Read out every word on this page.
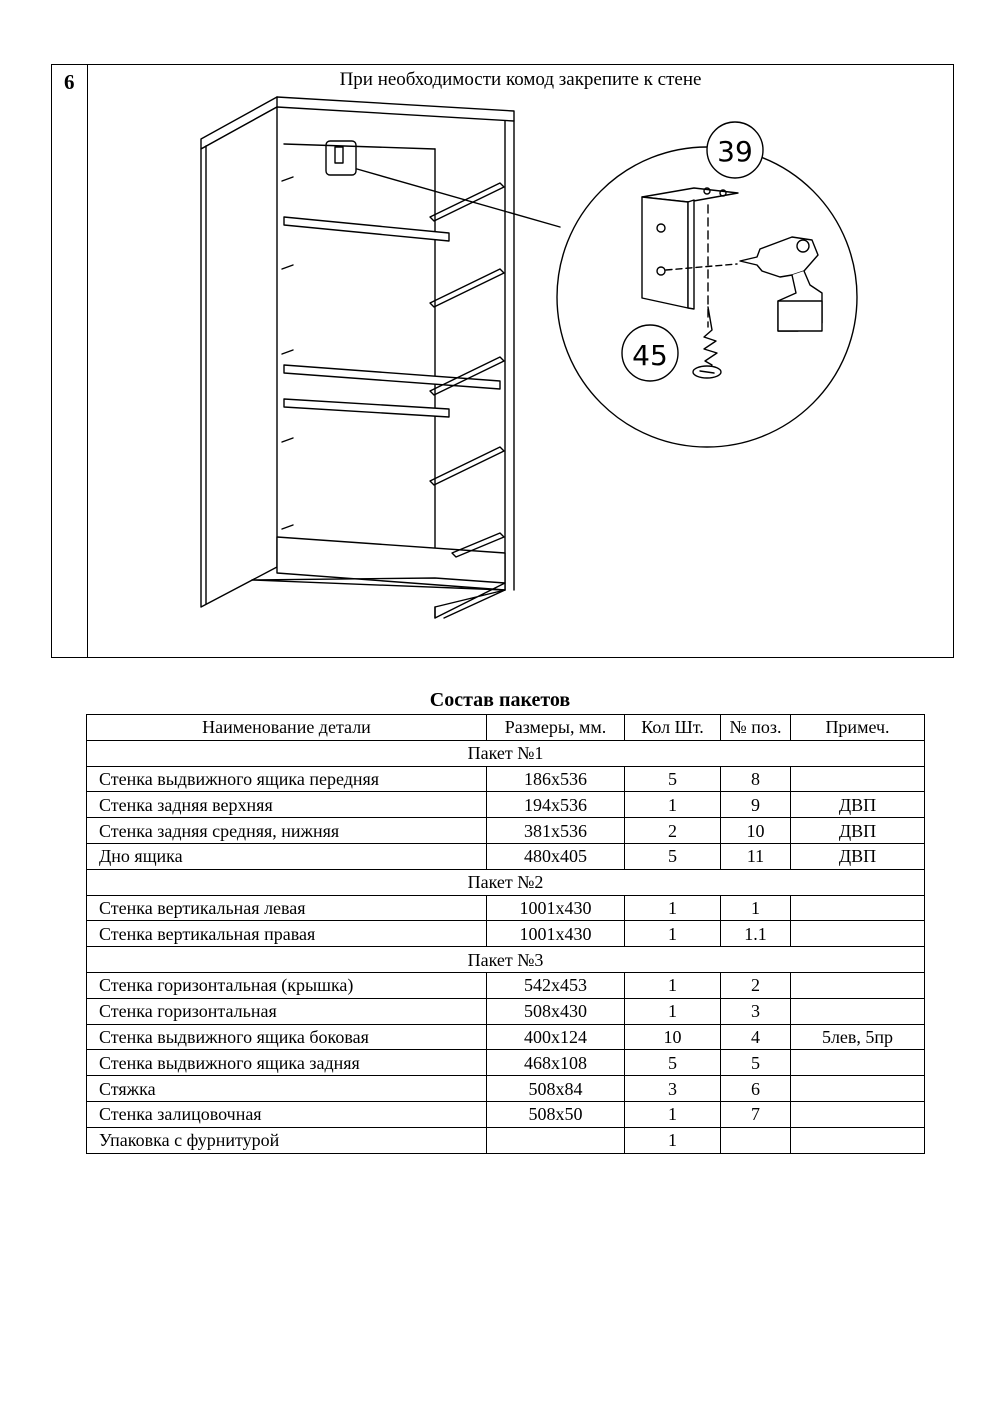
6	При необходимости комод закрепите к стене
39
45
Состав пакетов
Наименование детали	Размеры, мм.	Кол Шт.	№ поз.	Примеч.
Пакет №1				
Стенка выдвижного ящика передняя	186х536	5	8	
Стенка задняя верхняя	194х536	1	9	ДВП
Стенка задняя средняя, нижняя	381х536	2	10	ДВП
Дно ящика	480х405	5	11	ДВП
Пакет №2				
Стенка вертикальная левая	1001х430	1	1	
Стенка вертикальная правая	1001х430	1	1.1	
Пакет №3				
Стенка горизонтальная (крышка)	542х453	1	2	
Стенка горизонтальная	508х430	1	3	
Стенка выдвижного ящика боковая	400х124	10	4	5лев, 5пр
Стенка выдвижного ящика задняя	468х108	5	5	
Стяжка	508х84	3	6	
Стенка залицовочная	508х50	1	7	
Упаковка с фурнитурой		1		
